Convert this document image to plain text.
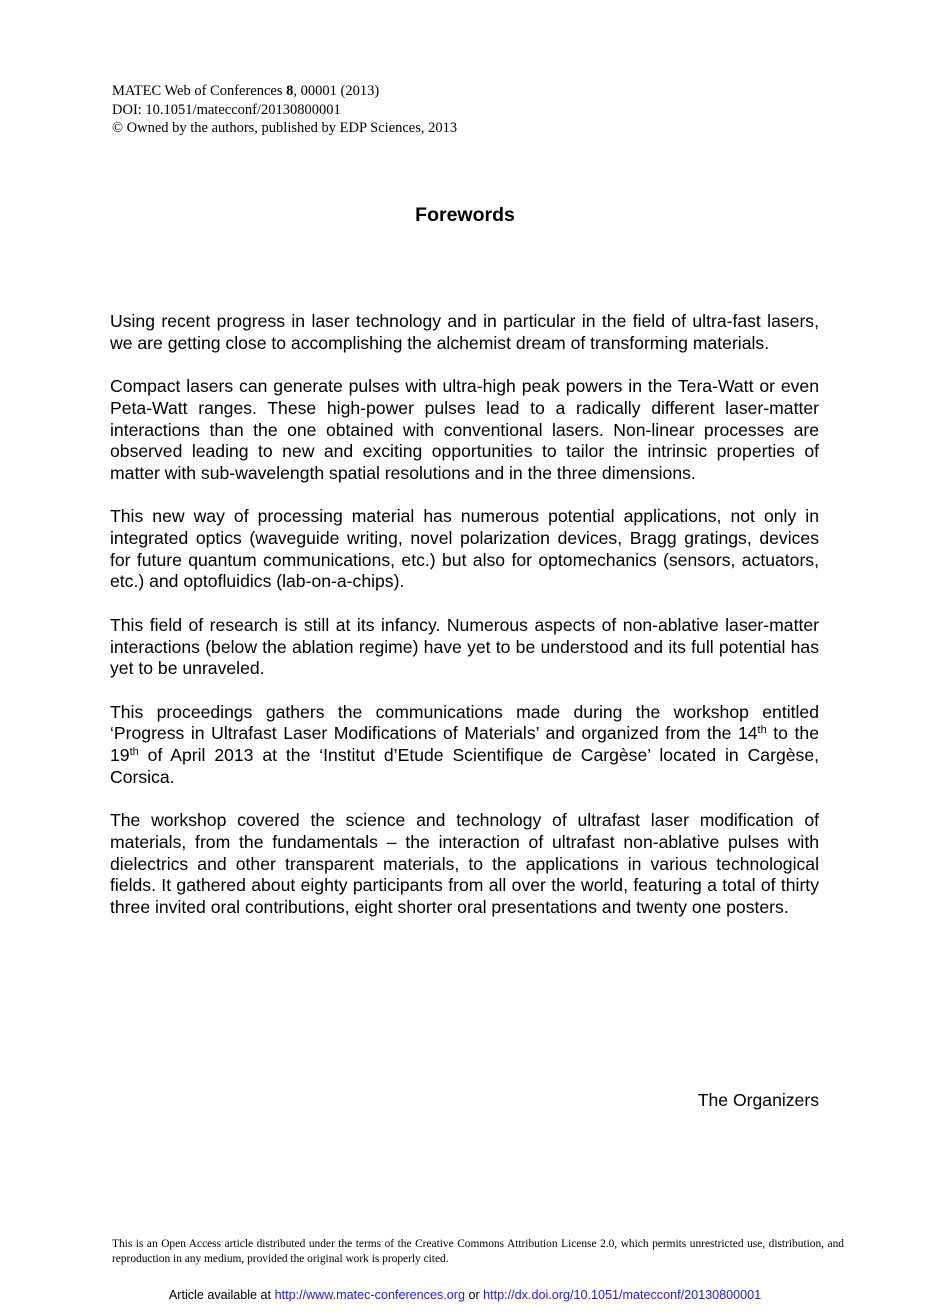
MATEC Web of Conferences 8, 00001 (2013)
DOI: 10.1051/matecconf/20130800001
© Owned by the authors, published by EDP Sciences, 2013
Forewords

Using recent progress in laser technology and in particular in the field of ultra-fast lasers, we are getting close to accomplishing the alchemist dream of transforming materials.

Compact lasers can generate pulses with ultra-high peak powers in the Tera-Watt or even Peta-Watt ranges. These high-power pulses lead to a radically different laser-matter interactions than the one obtained with conventional lasers. Non-linear processes are observed leading to new and exciting opportunities to tailor the intrinsic properties of matter with sub-wavelength spatial resolutions and in the three dimensions.

This new way of processing material has numerous potential applications, not only in integrated optics (waveguide writing, novel polarization devices, Bragg gratings, devices for future quantum communications, etc.) but also for optomechanics (sensors, actuators, etc.) and optofluidics (lab-on-a-chips).

This field of research is still at its infancy. Numerous aspects of non-ablative laser-matter interactions (below the ablation regime) have yet to be understood and its full potential has yet to be unraveled.

This proceedings gathers the communications made during the workshop entitled ‘Progress in Ultrafast Laser Modifications of Materials’ and organized from the 14th to the 19th of April 2013 at the ‘Institut d’Etude Scientifique de Cargèse’ located in Cargèse, Corsica.

The workshop covered the science and technology of ultrafast laser modification of materials, from the fundamentals – the interaction of ultrafast non-ablative pulses with dielectrics and other transparent materials, to the applications in various technological fields. It gathered about eighty participants from all over the world, featuring a total of thirty three invited oral contributions, eight shorter oral presentations and twenty one posters.

The Organizers
This is an Open Access article distributed under the terms of the Creative Commons Attribution License 2.0, which permits unrestricted use, distribution, and reproduction in any medium, provided the original work is properly cited.
Article available at http://www.matec-conferences.org or http://dx.doi.org/10.1051/matecconf/20130800001
